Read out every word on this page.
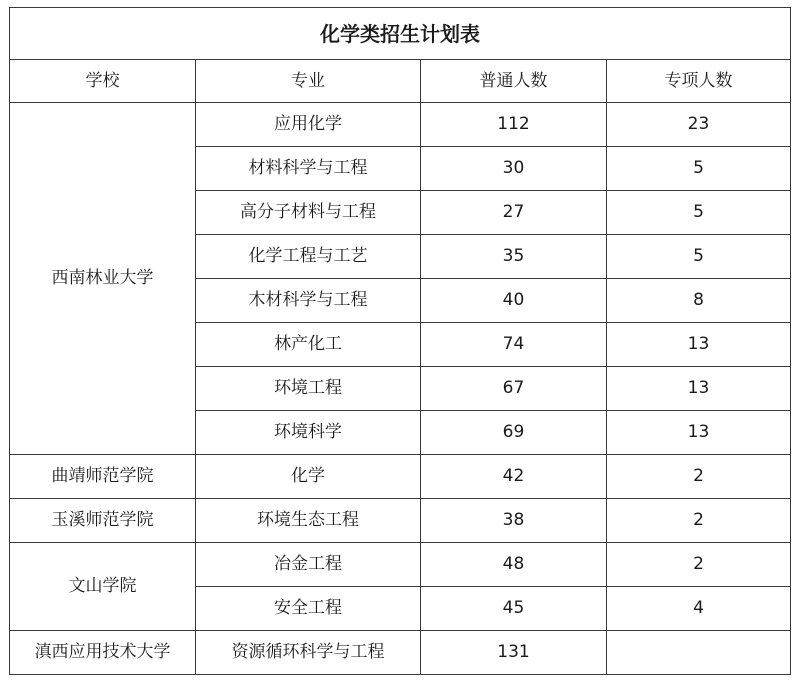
化学类招生计划表			
学校	专业	普通人数	专项人数
西南林业大学	应用化学	112	23
	材料科学与工程	30	5
	高分子材料与工程	27	5
	化学工程与工艺	35	5
	木材科学与工程	40	8
	林产化工	74	13
	环境工程	67	13
	环境科学	69	13
曲靖师范学院	化学	42	2
玉溪师范学院	环境生态工程	38	2
文山学院	冶金工程	48	2
	安全工程	45	4
滇西应用技术大学	资源循环科学与工程	131	
